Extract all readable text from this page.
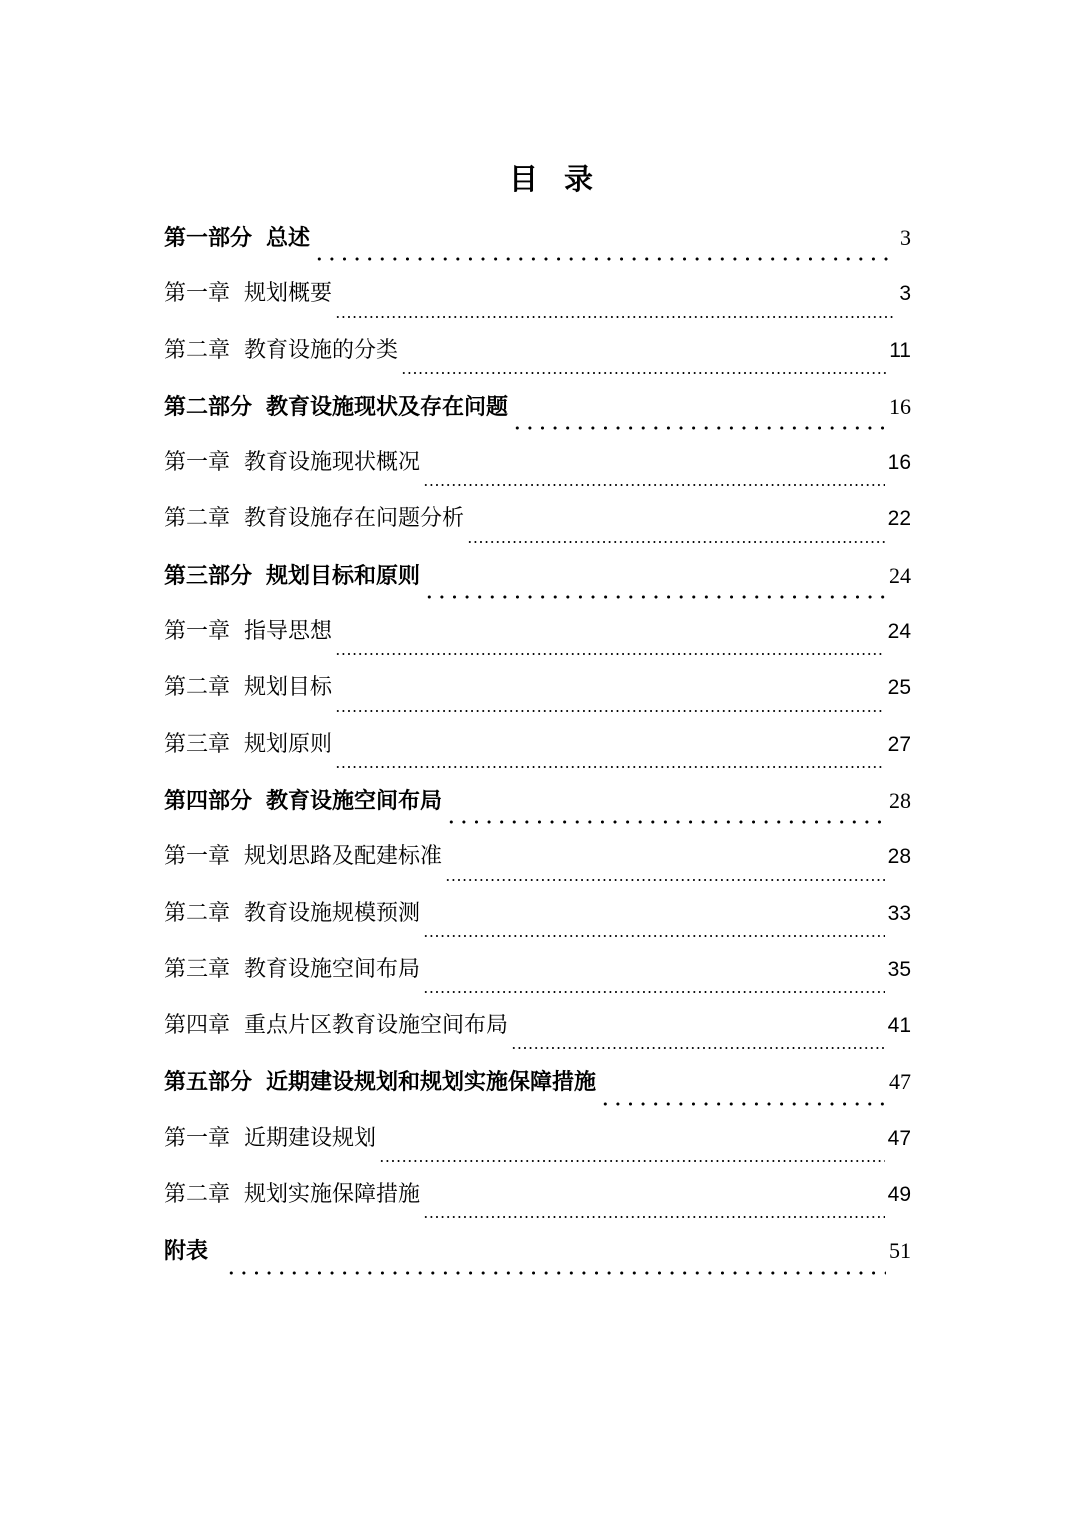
目录
第一部分 总述	3
第一章 规划概要	3
第二章 教育设施的分类	11
第二部分 教育设施现状及存在问题	16
第一章 教育设施现状概况	16
第二章 教育设施存在问题分析	22
第三部分 规划目标和原则	24
第一章 指导思想	24
第二章 规划目标	25
第三章 规划原则	27
第四部分 教育设施空间布局	28
第一章 规划思路及配建标准	28
第二章 教育设施规模预测	33
第三章 教育设施空间布局	35
第四章 重点片区教育设施空间布局	41
第五部分 近期建设规划和规划实施保障措施	47
第一章 近期建设规划	47
第二章 规划实施保障措施	49
附表	51
